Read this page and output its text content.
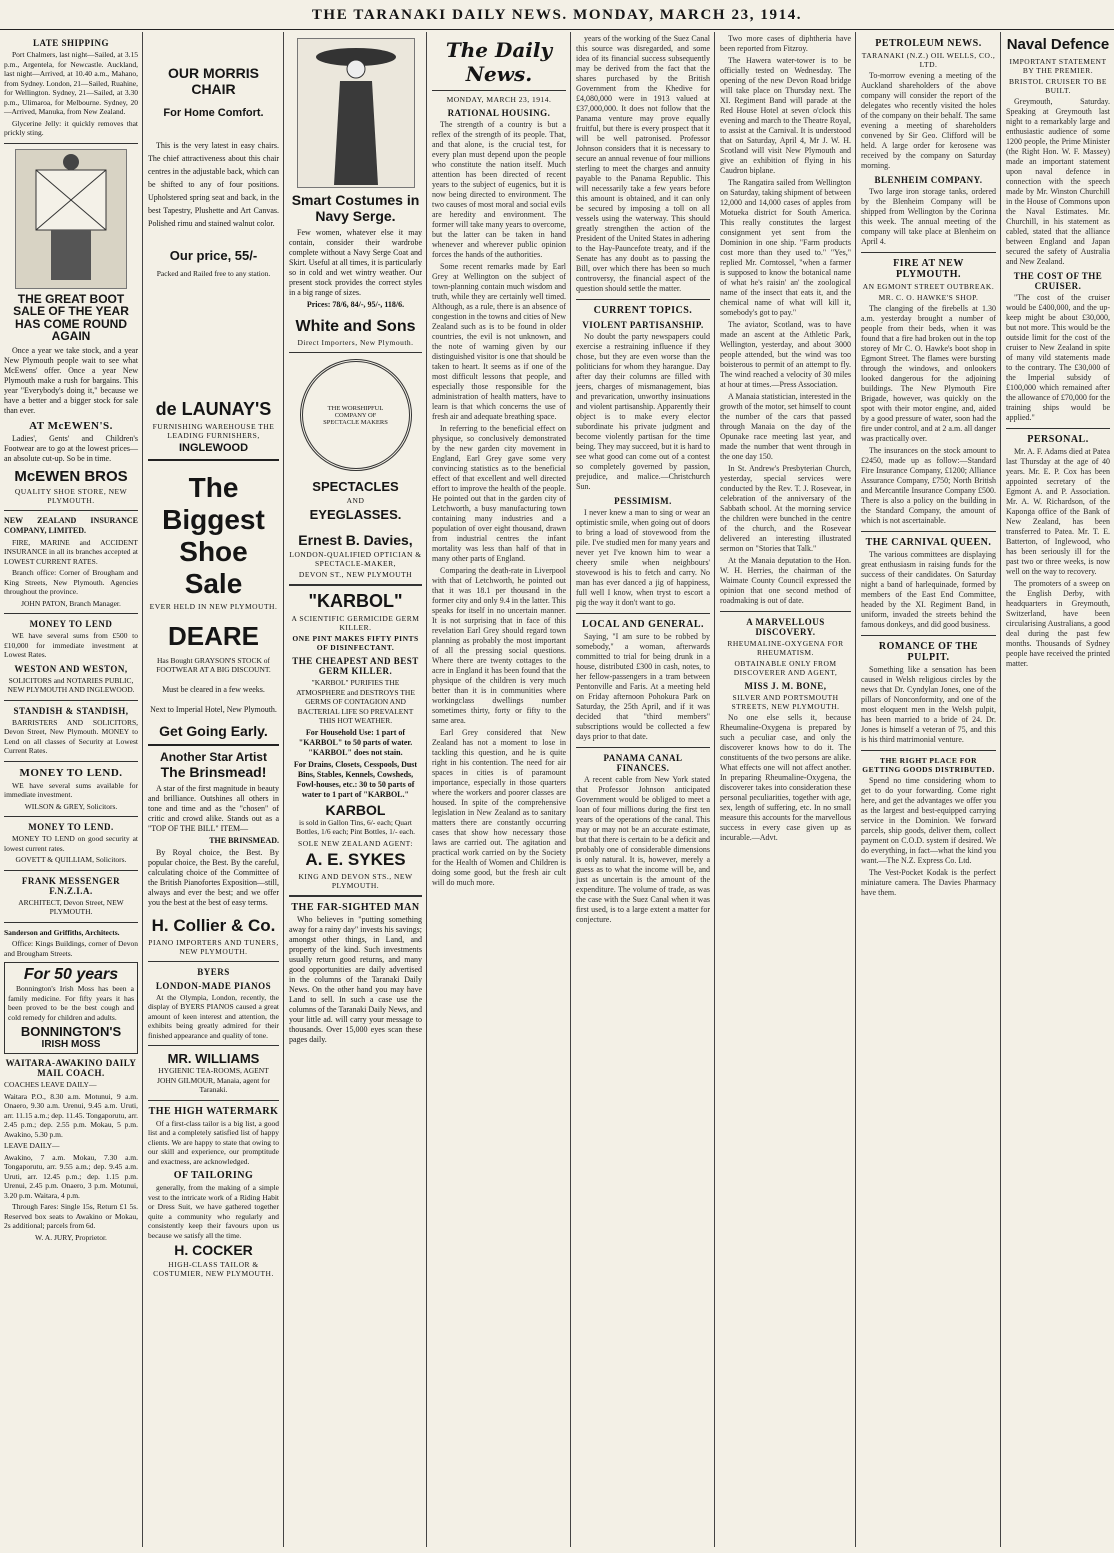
THE TARANAKI DAILY NEWS. MONDAY, MARCH 23, 1914.
LATE SHIPPING
Port Chalmers, last night—Sailed, at 3.15 p.m., Argentela, for Newcastle. Auckland, last night—Arrived, at 10.40 a.m., Mahano, from Sydney. London, 21—Sailed, Ruahine, for Wellington. Sydney, 21—Sailed, at 3.30 p.m., Ulimaroa, for Melbourne. Sydney, 20—Arrived, Manuka, from New Zealand.
Glycerine Jelly: it quickly removes that prickly sting.
THE GREAT BOOT SALE OF THE YEAR HAS COME ROUND AGAIN
Once a year we take stock, and a year New Plymouth people wait to see what McEwens' offer. Once a year New Plymouth make a rush for bargains. This year "Everybody's doing it," because we have a better and a bigger stock for sale than ever.
AT McEWEN'S.
Ladies', Gents' and Children's Footwear are to go at the lowest prices—an absolute cut-up. So be in time.
McEWEN BROS
QUALITY SHOE STORE, NEW PLYMOUTH.
NEW ZEALAND INSURANCE COMPANY, LIMITED.
FIRE, MARINE and ACCIDENT INSURANCE in all its branches accepted at LOWEST CURRENT RATES.
Branch office: Corner of Brougham and King Streets, New Plymouth. Agencies throughout the province.
JOHN PATON, Branch Manager.
MONEY TO LEND
WE have several sums from £500 to £10,000 for immediate investment at Lowest Rates.
WESTON AND WESTON,
SOLICITORS and NOTARIES PUBLIC, NEW PLYMOUTH AND INGLEWOOD.
STANDISH & STANDISH,
BARRISTERS AND SOLICITORS, Devon Street, New Plymouth. MONEY to Lend on all classes of Security at Lowest Current Rates.
MONEY TO LEND.
WE have several sums available for immediate investment.
WILSON & GREY, Solicitors.
MONEY TO LEND.
MONEY TO LEND on good security at lowest current rates.
GOVETT & QUILLIAM, Solicitors.
FRANK MESSENGER F.N.Z.I.A.
ARCHITECT, Devon Street, NEW PLYMOUTH.
Sanderson and Griffiths, Architects.
Office: Kings Buildings, corner of Devon and Brougham Streets.
For 50 years
Bonnington's Irish Moss has been a family medicine. For fifty years it has been proved to be the best cough and cold remedy for children and adults.
BONNINGTON'S
IRISH MOSS
WAITARA-AWAKINO DAILY MAIL COACH.
COACHES LEAVE DAILY—
Waitara P.O., 8.30 a.m. Motunui, 9 a.m. Onaero, 9.30 a.m. Urenui, 9.45 a.m. Uruti, arr. 11.15 a.m.; dep. 11.45. Tongaporutu, arr. 2.45 p.m.; dep. 2.55 p.m. Mokau, 5 p.m. Awakino, 5.30 p.m.
LEAVE DAILY—
Awakino, 7 a.m. Mokau, 7.30 a.m. Tongaporutu, arr. 9.55 a.m.; dep. 9.45 a.m. Uruti, arr. 12.45 p.m.; dep. 1.15 p.m. Urenui, 2.45 p.m. Onaero, 3 p.m. Motunui, 3.20 p.m. Waitara, 4 p.m.
Through Fares: Single 15s, Return £1 5s. Reserved box seats to Awakino or Mokau, 2s additional; parcels from 6d.
W. A. JURY, Proprietor.
OUR MORRIS CHAIR
For Home Comfort.
This is the very latest in easy chairs. The chief attractiveness about this chair centres in the adjustable back, which can be shifted to any of four positions. Upholstered spring seat and back, in the best Tapestry, Plushette and Art Canvas. Polished rimu and stained walnut color.
Our price, 55/-
Packed and Railed free to any station.
de LAUNAY'S
FURNISHING WAREHOUSE THE LEADING FURNISHERS,
INGLEWOOD
The
Biggest
Shoe
Sale
EVER HELD IN NEW PLYMOUTH.
DEARE
Has Bought GRAYSON'S STOCK of FOOTWEAR AT A BIG DISCOUNT.
Must be cleared in a few weeks.
Next to Imperial Hotel, New Plymouth.
Get Going Early.
Another Star Artist
The Brinsmead!
A star of the first magnitude in beauty and brilliance. Outshines all others in tone and time and as the "chosen" of critic and crowd alike. Stands out as a "TOP OF THE BILL" ITEM—
THE BRINSMEAD.
By Royal choice, the Best. By popular choice, the Best. By the careful, calculating choice of the Committee of the British Pianofortes Exposition—still, always and ever the best; and we offer you the best at the best of easy terms.
H. Collier & Co.
PIANO IMPORTERS AND TUNERS, NEW PLYMOUTH.
BYERS
LONDON-MADE PIANOS
At the Olympia, London, recently, the display of BYERS PIANOS caused a great amount of keen interest and attention, the exhibits being greatly admired for their finished appearance and quality of tone.
MR. WILLIAMS
HYGIENIC TEA-ROOMS, AGENT JOHN GILMOUR, Manaia, agent for Taranaki.
THE HIGH WATERMARK
Of a first-class tailor is a big list, a good list and a completely satisfied list of happy clients. We are happy to state that owing to our skill and experience, our promptitude and exactness, are acknowledged.
OF TAILORING
generally, from the making of a simple vest to the intricate work of a Riding Habit or Dress Suit, we have gathered together quite a community who regularly and consistently keep their favours upon us because we satisfy all the time.
H. COCKER
HIGH-CLASS TAILOR & COSTUMIER, NEW PLYMOUTH.
Smart Costumes in Navy Serge.
Few women, whatever else it may contain, consider their wardrobe complete without a Navy Serge Coat and Skirt. Useful at all times, it is particularly so in cold and wet wintry weather. Our present stock provides the correct styles in a big range of sizes.
Prices: 78/6, 84/-, 95/-, 118/6.
White and Sons
Direct Importers, New Plymouth.
THE WORSHIPFUL COMPANY OF SPECTACLE MAKERS
SPECTACLES
AND
EYEGLASSES.
Ernest B. Davies,
LONDON-QUALIFIED OPTICIAN & SPECTACLE-MAKER,
DEVON ST., NEW PLYMOUTH
"KARBOL"
A SCIENTIFIC GERMICIDE GERM KILLER.
ONE PINT MAKES FIFTY PINTS OF DISINFECTANT.
THE CHEAPEST AND BEST GERM KILLER.
"KARBOL" PURIFIES THE ATMOSPHERE and DESTROYS THE GERMS OF CONTAGION AND BACTERIAL LIFE SO PREVALENT THIS HOT WEATHER.
For Household Use: 1 part of "KARBOL" to 50 parts of water. "KARBOL" does not stain.
For Drains, Closets, Cesspools, Dust Bins, Stables, Kennels, Cowsheds, Fowl-houses, etc.: 30 to 50 parts of water to 1 part of "KARBOL."
KARBOL
is sold in Gallon Tins, 6/- each; Quart Bottles, 1/6 each; Pint Bottles, 1/- each.
SOLE NEW ZEALAND AGENT:
A. E. SYKES
KING AND DEVON STS., NEW PLYMOUTH.
THE FAR-SIGHTED MAN
Who believes in "putting something away for a rainy day" invests his savings; amongst other things, in Land, and property of the kind. Such investments usually return good returns, and many good opportunities are daily advertised in the columns of the Taranaki Daily News. On the other hand you may have Land to sell. In such a case use the columns of the Taranaki Daily News, and your little ad. will carry your message to thousands. Over 15,000 eyes scan these pages daily.
The Daily News.
MONDAY, MARCH 23, 1914.
RATIONAL HOUSING.
The strength of a country is but a reflex of the strength of its people. That, and that alone, is the crucial test, for every plan must depend upon the people who constitute the nation itself. Much attention has been directed of recent years to the subject of eugenics, but it is now being directed to environment. The two causes of most moral and social evils are heredity and environment. The former will take many years to overcome, but the latter can be taken in hand whenever and wherever public opinion forces the hands of the authorities.
Some recent remarks made by Earl Grey at Wellington on the subject of town-planning contain much wisdom and truth, while they are certainly well timed. Although, as a rule, there is an absence of congestion in the towns and cities of New Zealand such as is to be found in older countries, the evil is not unknown, and the note of warning given by our distinguished visitor is one that should be taken to heart. It seems as if one of the most difficult lessons that people, and especially those responsible for the administration of health matters, have to learn is that which concerns the use of fresh air and adequate breathing space.
In referring to the beneficial effect on physique, so conclusively demonstrated by the new garden city movement in England, Earl Grey gave some very convincing statistics as to the beneficial effect of that excellent and well directed effort to improve the health of the people. He pointed out that in the garden city of Letchworth, a busy manufacturing town containing many industries and a population of over eight thousand, drawn from industrial centres the infant mortality was less than half of that in many other parts of England.
Comparing the death-rate in Liverpool with that of Letchworth, he pointed out that it was 18.1 per thousand in the former city and only 9.4 in the latter. This speaks for itself in no uncertain manner. It is not surprising that in face of this revelation Earl Grey should regard town planning as probably the most important of all the pressing social questions. Where there are twenty cottages to the acre in England it has been found that the physique of the children is very much better than it is in communities where workingclass dwellings number sometimes thirty, forty or fifty to the same area.
Earl Grey considered that New Zealand has not a moment to lose in tackling this question, and he is quite right in his contention. The need for air spaces in cities is of paramount importance, especially in those quarters where the workers and poorer classes are housed. In spite of the comprehensive legislation in New Zealand as to sanitary matters there are constantly occurring cases that show how necessary those laws are carried out. The agitation and practical work carried on by the Society for the Health of Women and Children is doing some good, but the fresh air cult will do much more.
years of the working of the Suez Canal this source was disregarded, and some idea of its financial success subsequently may be derived from the fact that the shares purchased by the British Government from the Khedive for £4,080,000 were in 1913 valued at £37,000,000. It does not follow that the Panama venture may prove equally fruitful, but there is every prospect that it will be well patronised. Professor Johnson considers that it is necessary to secure an annual revenue of four millions sterling to meet the charges and annuity payable to the Panama Republic. This will necessarily take a few years before this amount is obtained, and it can only be secured by imposing a toll on all vessels using the waterway. This should greatly strengthen the action of the President of the United States in adhering to the Hay-Pauncefote treaty, and if the Senate has any doubt as to passing the Bill, over which there has been so much controversy, the financial aspect of the question should settle the matter.
CURRENT TOPICS.
VIOLENT PARTISANSHIP.
No doubt the party newspapers could exercise a restraining influence if they chose, but they are even worse than the politicians for whom they harangue. Day after day their columns are filled with jeers, charges of mismanagement, bias and prevarication, unworthy insinuations and violent partisanship. Apparently their object is to make every elector subordinate his private judgment and become violently partisan for the time being. They may succeed, but it is hard to see what good can come out of a contest so completely governed by passion, prejudice, and malice.—Christchurch Sun.
PESSIMISM.
I never knew a man to sing or wear an optimistic smile, when going out of doors to bring a load of stovewood from the pile. I've studied men for many years and never yet I've known him to wear a cheery smile when neighbours' stovewood is his to fetch and carry. No man has ever danced a jig of happiness, full well I know, when tryst to escort a pig the way it don't want to go.
LOCAL AND GENERAL.
Saying, "I am sure to be robbed by somebody," a woman, afterwards committed to trial for being drunk in a house, distributed £300 in cash, notes, to her fellow-passengers in a tram between Pentonville and Faris. At a meeting held on Friday afternoon Pohokura Park on Saturday, the 25th April, and if it was decided that "third members" subscriptions would be collected a few days prior to that date.
PANAMA CANAL FINANCES.
A recent cable from New York stated that Professor Johnson anticipated Government would be obliged to meet a loan of four millions during the first ten years of the operations of the canal. This may or may not be an accurate estimate, but that there is certain to be a deficit and probably one of considerable dimensions is only natural. It is, however, merely a guess as to what the income will be, and just as uncertain is the amount of the expenditure. The volume of trade, as was the case with the Suez Canal when it was first used, is to a large extent a matter for conjecture.
Two more cases of diphtheria have been reported from Fitzroy.
The Hawera water-tower is to be officially tested on Wednesday. The opening of the new Devon Road bridge will take place on Thursday next. The XI. Regiment Band will parade at the Red House Hotel at seven o'clock this evening and march to the Theatre Royal, to assist at the Carnival. It is understood that on Saturday, April 4, Mr J. W. H. Scotland will visit New Plymouth and give an exhibition of flying in his Caudron biplane.
The Rangatira sailed from Wellington on Saturday, taking shipment of between 12,000 and 14,000 cases of apples from Motueka district for South America. This really constitutes the largest consignment yet sent from the Dominion in one ship. "Farm products cost more than they used to." "Yes," replied Mr. Corntossel, "when a farmer is supposed to know the botanical name of what he's raisin' an' the zoological name of the insect that eats it, and the chemical name of what will kill it, somebody's got to pay."
The aviator, Scotland, was to have made an ascent at the Athletic Park, Wellington, yesterday, and about 3000 people attended, but the wind was too boisterous to permit of an attempt to fly. The wind reached a velocity of 30 miles at hour at times.—Press Association.
A Manaia statistician, interested in the growth of the motor, set himself to count the number of the cars that passed through Manaia on the day of the Opunake race meeting last year, and made the number that went through in the one day 150.
In St. Andrew's Presbyterian Church, yesterday, special services were conducted by the Rev. T. J. Rosevear, in celebration of the anniversary of the Sabbath school. At the morning service the children were bunched in the centre of the church, and the Rosevear delivered an interesting illustrated sermon on "Stories that Talk."
At the Manaia deputation to the Hon. W. H. Herries, the chairman of the Waimate County Council expressed the opinion that one second method of roadmaking is out of date.
A MARVELLOUS DISCOVERY.
RHEUMALINE-OXYGENA FOR RHEUMATISM.
OBTAINABLE ONLY FROM DISCOVERER AND AGENT,
MISS J. M. BONE,
SILVER AND PORTSMOUTH STREETS, NEW PLYMOUTH.
No one else sells it, because Rheumaline-Oxygena is prepared by such a peculiar case, and only the discoverer knows how to do it. The constituents of the two persons are alike. What effects one will not affect another. In preparing Rheumaline-Oxygena, the discoverer takes into consideration these personal peculiarities, together with age, sex, length of suffering, etc. In no small measure this accounts for the marvellous success in every case given up as incurable.—Advt.
PETROLEUM NEWS.
TARANAKI (N.Z.) OIL WELLS, CO., LTD.
To-morrow evening a meeting of the Auckland shareholders of the above company will consider the report of the delegates who recently visited the holes of the company on their behalf. The same evening a meeting of shareholders convened by Sir Geo. Clifford will be held. A large order for kerosene was received by the company on Saturday morning.
BLENHEIM COMPANY.
Two large iron storage tanks, ordered by the Blenheim Company will be shipped from Wellington by the Corinna this week. The annual meeting of the company will take place at Blenheim on April 4.
FIRE AT NEW PLYMOUTH.
AN EGMONT STREET OUTBREAK.
MR. C. O. HAWKE'S SHOP.
The clanging of the firebells at 1.30 a.m. yesterday brought a number of people from their beds, when it was found that a fire had broken out in the top storey of Mr C. O. Hawke's boot shop in Egmont Street. The flames were bursting through the windows, and onlookers looked dangerous for the adjoining buildings. The New Plymouth Fire Brigade, however, was quickly on the spot with their motor engine, and, aided by a good pressure of water, soon had the fire under control, and at 2 a.m. all danger was practically over.
The insurances on the stock amount to £2450, made up as follow:—Standard Fire Insurance Company, £1200; Alliance Assurance Company, £750; North British and Mercantile Insurance Company £500. There is also a policy on the building in the Standard Company, the amount of which is not ascertainable.
THE CARNIVAL QUEEN.
The various committees are displaying great enthusiasm in raising funds for the success of their candidates. On Saturday night a band of harlequinade, formed by members of the East End Committee, headed by the XI. Regiment Band, in uniform, invaded the streets behind the famous donkeys, and did good business.
ROMANCE OF THE PULPIT.
Something like a sensation has been caused in Welsh religious circles by the news that Dr. Cyndylan Jones, one of the pillars of Nonconformity, and one of the most eloquent men in the Welsh pulpit, has been married to a bride of 24. Dr. Jones is himself a veteran of 75, and this is his third matrimonial venture.
THE RIGHT PLACE FOR GETTING GOODS DISTRIBUTED.
Spend no time considering whom to get to do your forwarding. Come right here, and get the advantages we offer you as the largest and best-equipped carrying service in the Dominion. We forward parcels, ship goods, deliver them, collect payment on C.O.D. system if desired. We do everything, in fact—what the kind you want.—The N.Z. Express Co. Ltd.
The Vest-Pocket Kodak is the perfect miniature camera. The Davies Pharmacy have them.
Naval Defence
IMPORTANT STATEMENT BY THE PREMIER.
BRISTOL CRUISER TO BE BUILT.
Greymouth, Saturday. Speaking at Greymouth last night to a remarkably large and enthusiastic audience of some 1200 people, the Prime Minister (the Right Hon. W. F. Massey) made an important statement upon naval defence in connection with the speech made by Mr. Winston Churchill in the House of Commons upon the Naval Estimates. Mr. Churchill, in his statement as cabled, stated that the alliance between England and Japan secured the safety of Australia and New Zealand.
THE COST OF THE CRUISER.
"The cost of the cruiser would be £400,000, and the up-keep might be about £30,000, but not more. This would be the outside limit for the cost of the cruiser to New Zealand in spite of many vild statements made to the contrary. The £30,000 of the Imperial subsidy of £100,000 which remained after the allowance of £70,000 for the training ships would be applied."
PERSONAL.
Mr. A. F. Adams died at Patea last Thursday at the age of 40 years. Mr. E. P. Cox has been appointed secretary of the Egmont A. and P. Association. Mr. A. W. Richardson, of the Kaponga office of the Bank of New Zealand, has been transferred to Patea. Mr. T. E. Batterton, of Inglewood, who has been seriously ill for the past two or three weeks, is now well on the way to recovery.
The promoters of a sweep on the English Derby, with headquarters in Greymouth, Switzerland, have been circularising Australians, a good deal during the past few months. Thousands of Sydney people have received the printed matter.
